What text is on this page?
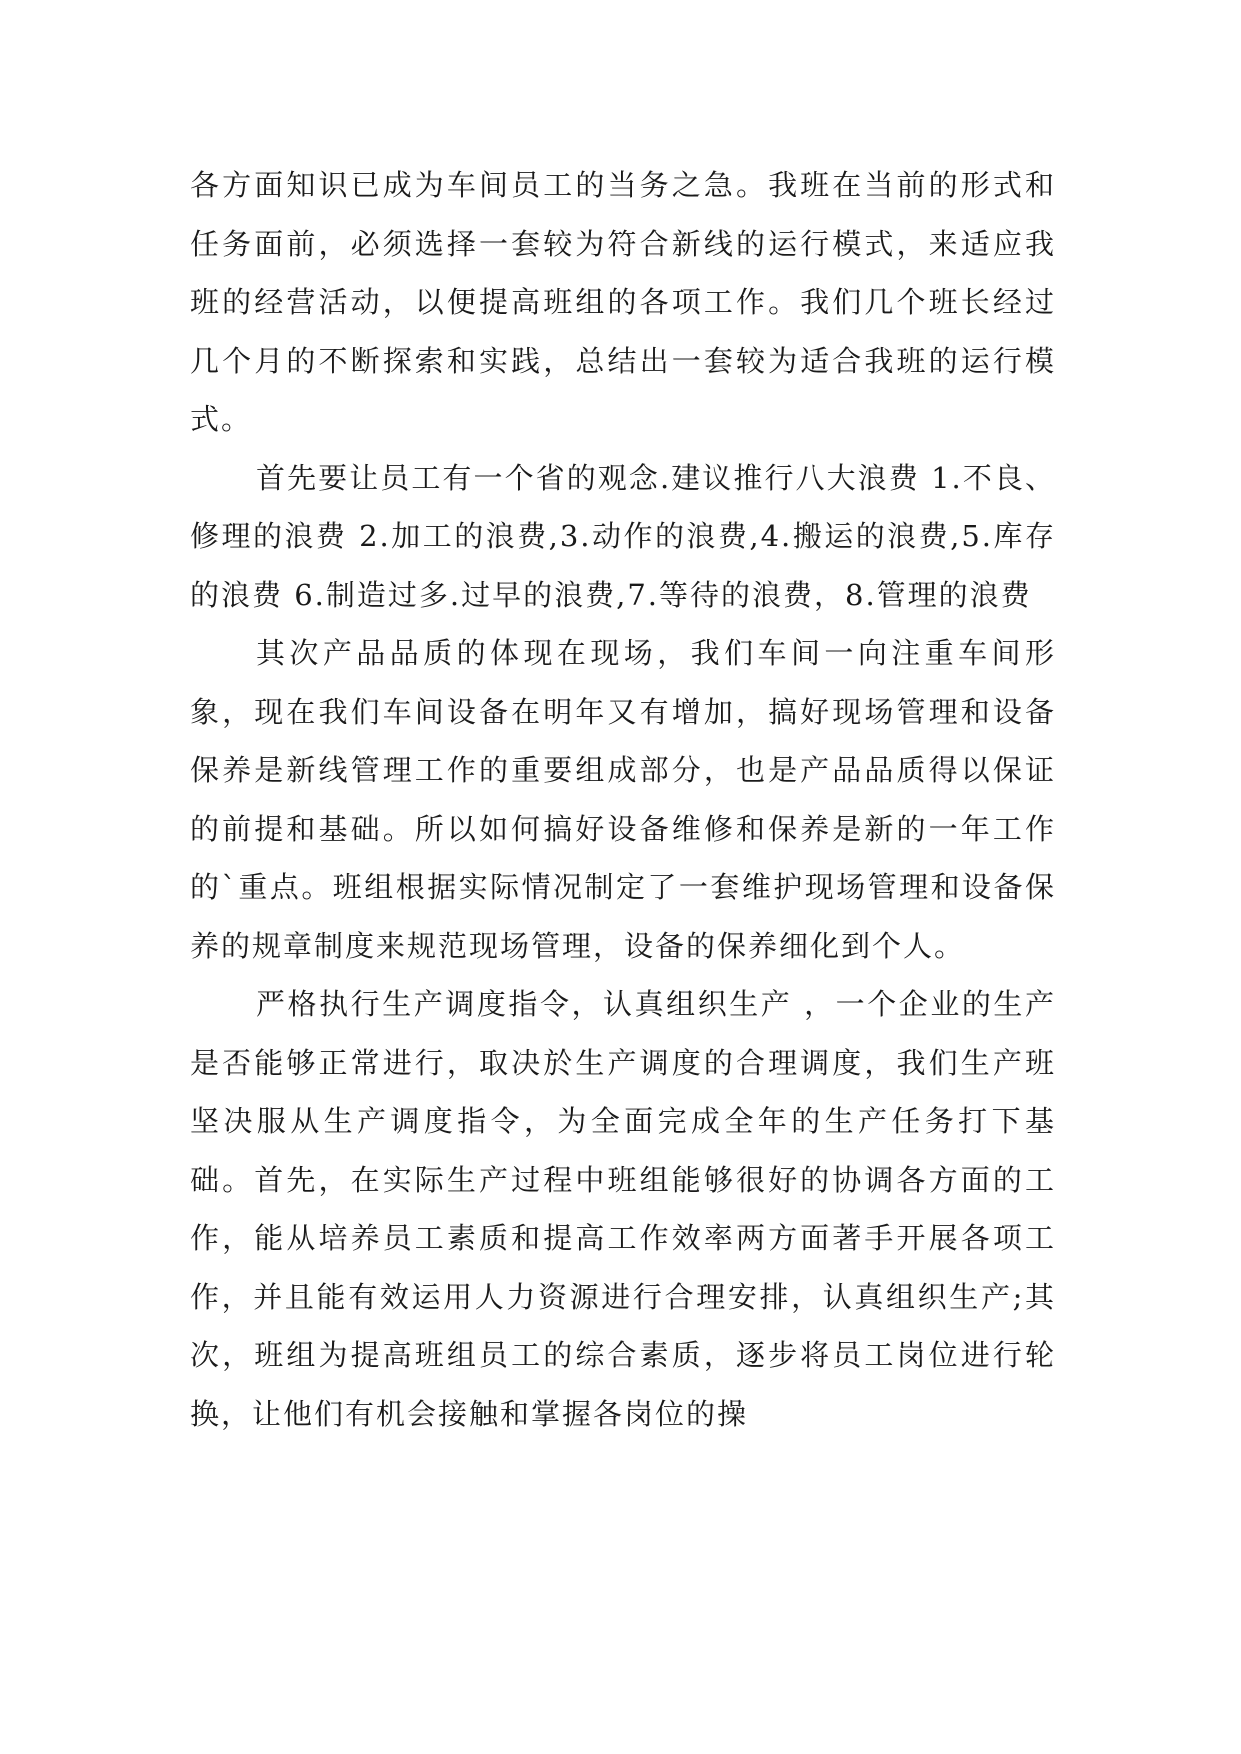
各方面知识已成为车间员工的当务之急。我班在当前的形式和任务面前，必须选择一套较为符合新线的运行模式，来适应我班的经营活动，以便提高班组的各项工作。我们几个班长经过几个月的不断探索和实践，总结出一套较为适合我班的运行模式。

首先要让员工有一个省的观念.建议推行八大浪费 1.不良、修理的浪费 2.加工的浪费,3.动作的浪费,4.搬运的浪费,5.库存的浪费 6.制造过多.过早的浪费,7.等待的浪费，8.管理的浪费

其次产品品质的体现在现场，我们车间一向注重车间形象，现在我们车间设备在明年又有增加，搞好现场管理和设备保养是新线管理工作的重要组成部分，也是产品品质得以保证的前提和基础。所以如何搞好设备维修和保养是新的一年工作的`重点。班组根据实际情况制定了一套维护现场管理和设备保养的规章制度来规范现场管理，设备的保养细化到个人。

严格执行生产调度指令，认真组织生产 ，一个企业的生产是否能够正常进行，取决於生产调度的合理调度，我们生产班坚决服从生产调度指令，为全面完成全年的生产任务打下基础。首先，在实际生产过程中班组能够很好的协调各方面的工作，能从培养员工素质和提高工作效率两方面著手开展各项工作，并且能有效运用人力资源进行合理安排，认真组织生产;其次，班组为提高班组员工的综合素质，逐步将员工岗位进行轮换，让他们有机会接触和掌握各岗位的操
